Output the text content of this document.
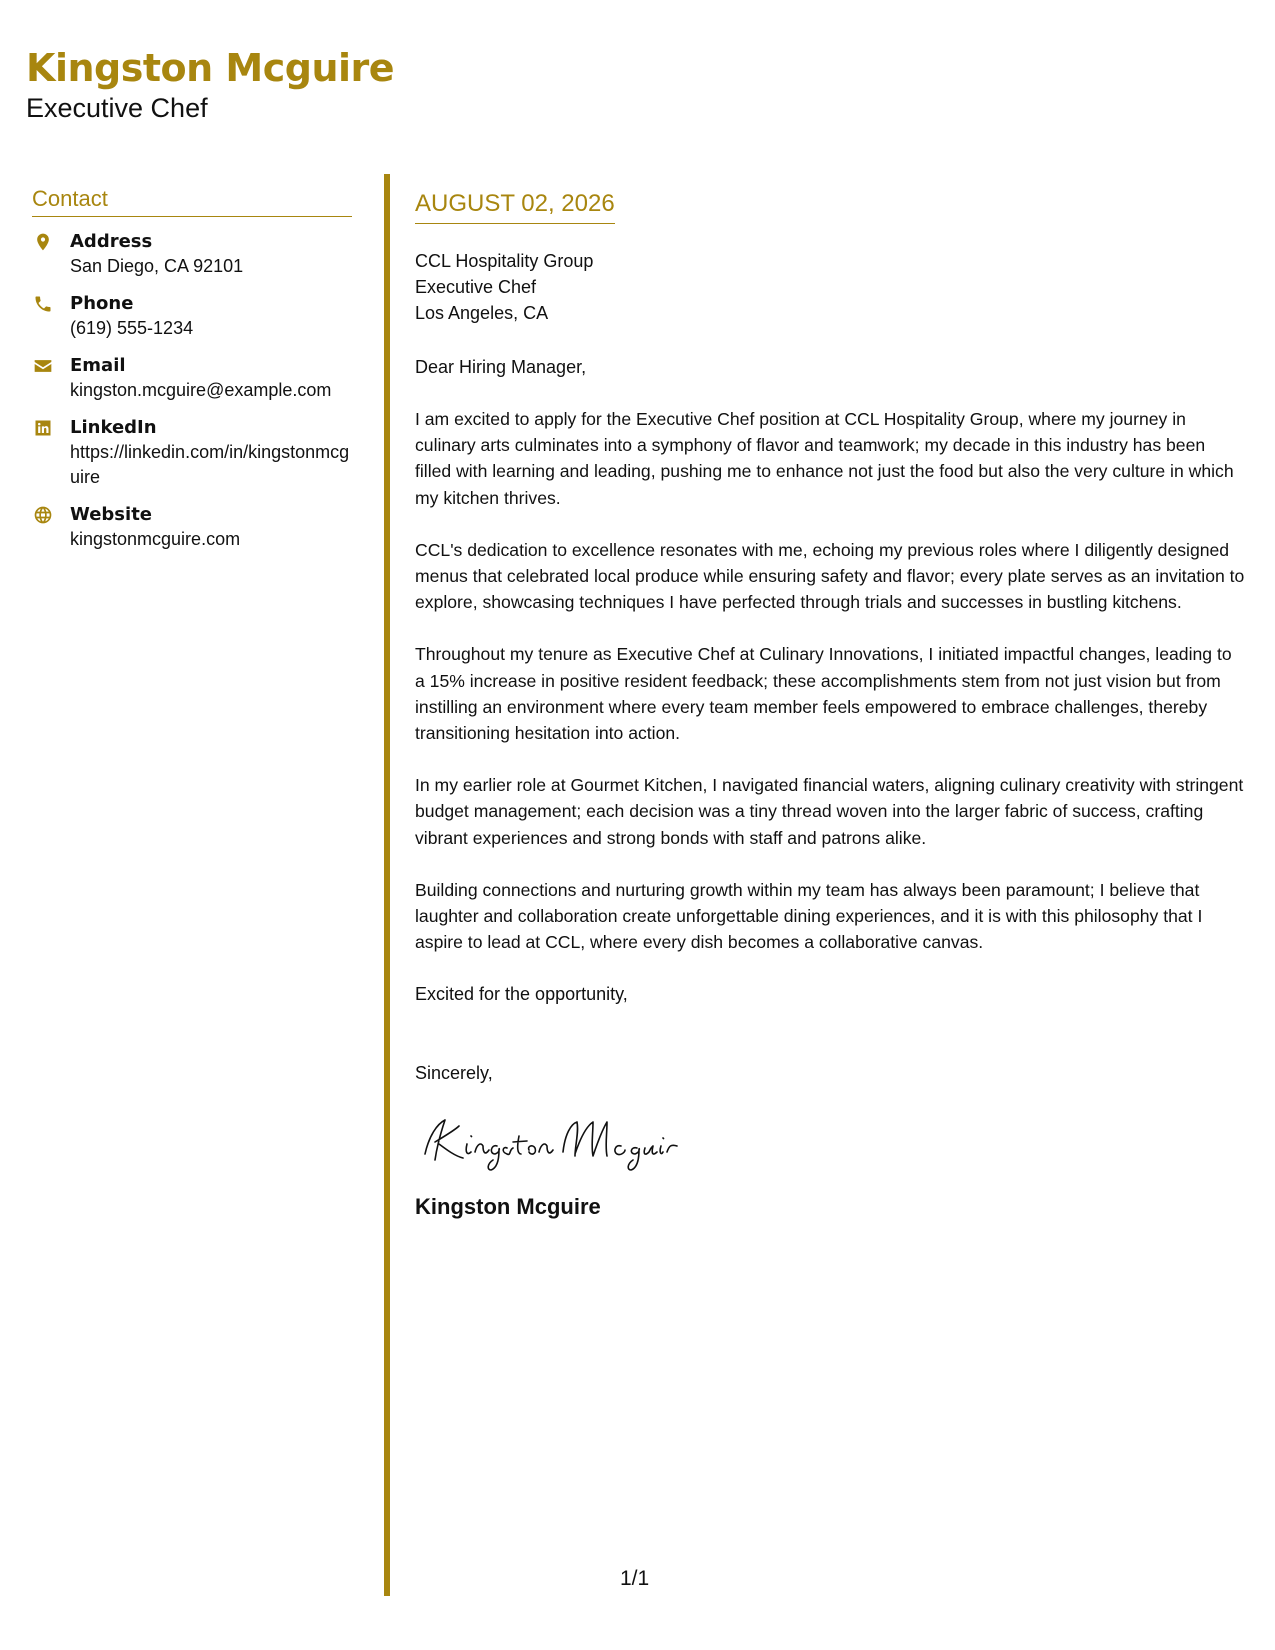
Kingston Mcguire
Executive Chef
Contact
Address
San Diego, CA 92101
Phone
(619) 555-1234
Email
kingston.mcguire@example.com
LinkedIn
https://linkedin.com/in/kingstonmcguire
Website
kingstonmcguire.com
AUGUST 02, 2026
CCL Hospitality Group
Executive Chef
Los Angeles, CA
Dear Hiring Manager,
I am excited to apply for the Executive Chef position at CCL Hospitality Group, where my journey in culinary arts culminates into a symphony of flavor and teamwork; my decade in this industry has been filled with learning and leading, pushing me to enhance not just the food but also the very culture in which my kitchen thrives.
CCL's dedication to excellence resonates with me, echoing my previous roles where I diligently designed menus that celebrated local produce while ensuring safety and flavor; every plate serves as an invitation to explore, showcasing techniques I have perfected through trials and successes in bustling kitchens.
Throughout my tenure as Executive Chef at Culinary Innovations, I initiated impactful changes, leading to a 15% increase in positive resident feedback; these accomplishments stem from not just vision but from instilling an environment where every team member feels empowered to embrace challenges, thereby transitioning hesitation into action.
In my earlier role at Gourmet Kitchen, I navigated financial waters, aligning culinary creativity with stringent budget management; each decision was a tiny thread woven into the larger fabric of success, crafting vibrant experiences and strong bonds with staff and patrons alike.
Building connections and nurturing growth within my team has always been paramount; I believe that laughter and collaboration create unforgettable dining experiences, and it is with this philosophy that I aspire to lead at CCL, where every dish becomes a collaborative canvas.
Excited for the opportunity,
Sincerely,
Kingston Mcguire
1/1
